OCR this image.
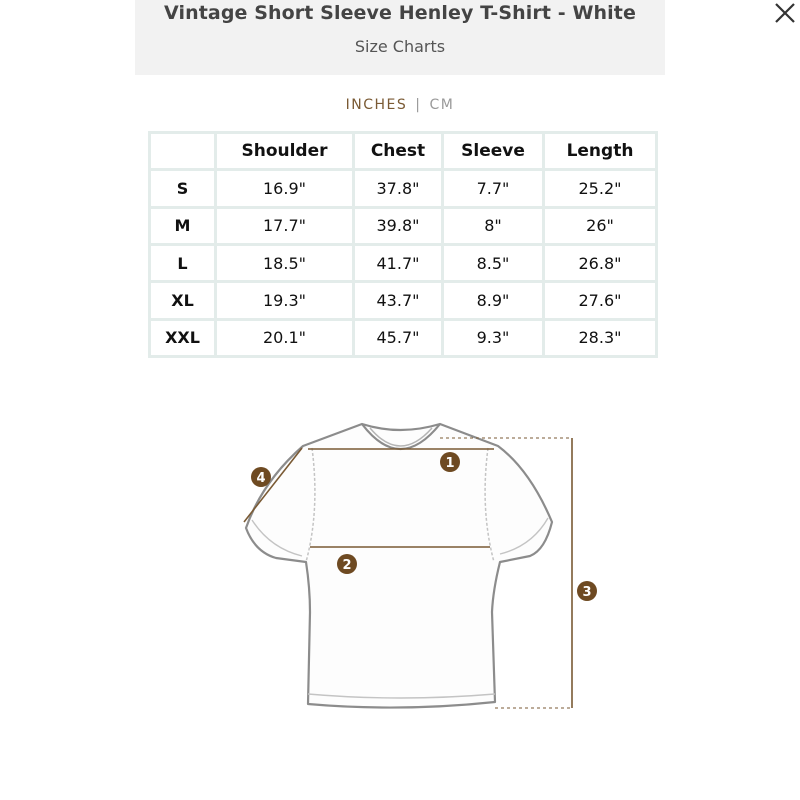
Vintage Short Sleeve Henley T-Shirt - White
Size Charts
INCHES | CM
	Shoulder	Chest	Sleeve	Length
S	16.9"	37.8"	7.7"	25.2"
M	17.7"	39.8"	8"	26"
L	18.5"	41.7"	8.5"	26.8"
XL	19.3"	43.7"	8.9"	27.6"
XXL	20.1"	45.7"	9.3"	28.3"
1
2
3
4
